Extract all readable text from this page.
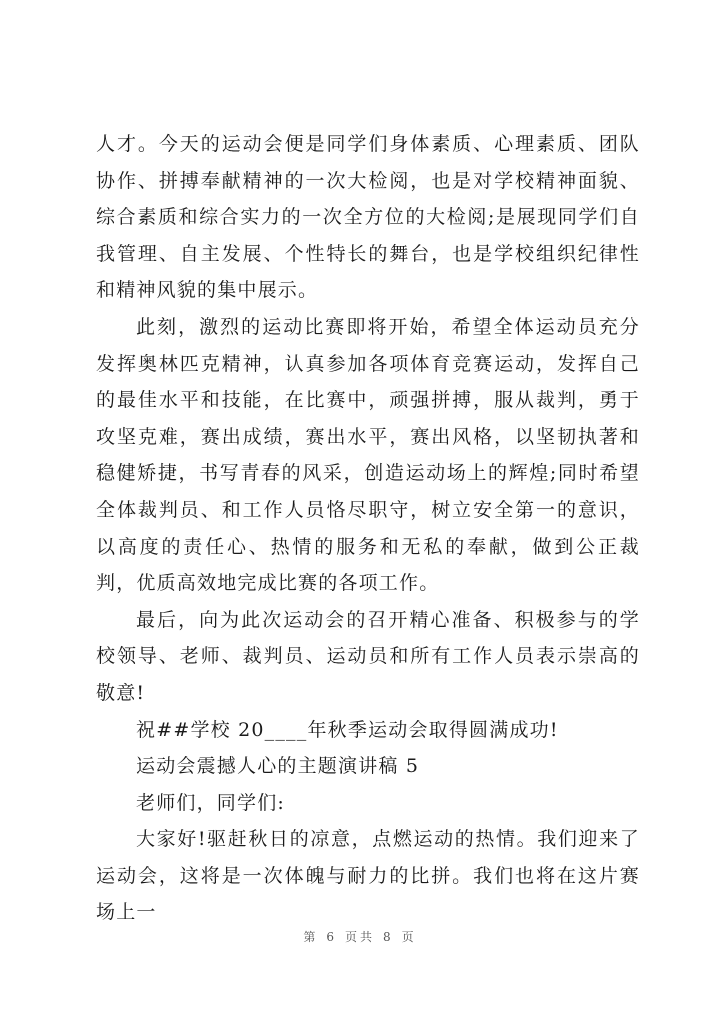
人才。今天的运动会便是同学们身体素质、心理素质、团队协作、拼搏奉献精神的一次大检阅，也是对学校精神面貌、综合素质和综合实力的一次全方位的大检阅;是展现同学们自我管理、自主发展、个性特长的舞台，也是学校组织纪律性和精神风貌的集中展示。

此刻，激烈的运动比赛即将开始，希望全体运动员充分发挥奥林匹克精神，认真参加各项体育竞赛运动，发挥自己的最佳水平和技能，在比赛中，顽强拼搏，服从裁判，勇于攻坚克难，赛出成绩，赛出水平，赛出风格，以坚韧执著和稳健矫捷，书写青春的风采，创造运动场上的辉煌;同时希望全体裁判员、和工作人员恪尽职守，树立安全第一的意识，以高度的责任心、热情的服务和无私的奉献，做到公正裁判，优质高效地完成比赛的各项工作。

最后，向为此次运动会的召开精心准备、积极参与的学校领导、老师、裁判员、运动员和所有工作人员表示崇高的敬意!

祝##学校 20____年秋季运动会取得圆满成功!

运动会震撼人心的主题演讲稿 5

老师们，同学们:

大家好!驱赶秋日的凉意，点燃运动的热情。我们迎来了运动会，这将是一次体魄与耐力的比拼。我们也将在这片赛场上一

第 6 页共 8 页
